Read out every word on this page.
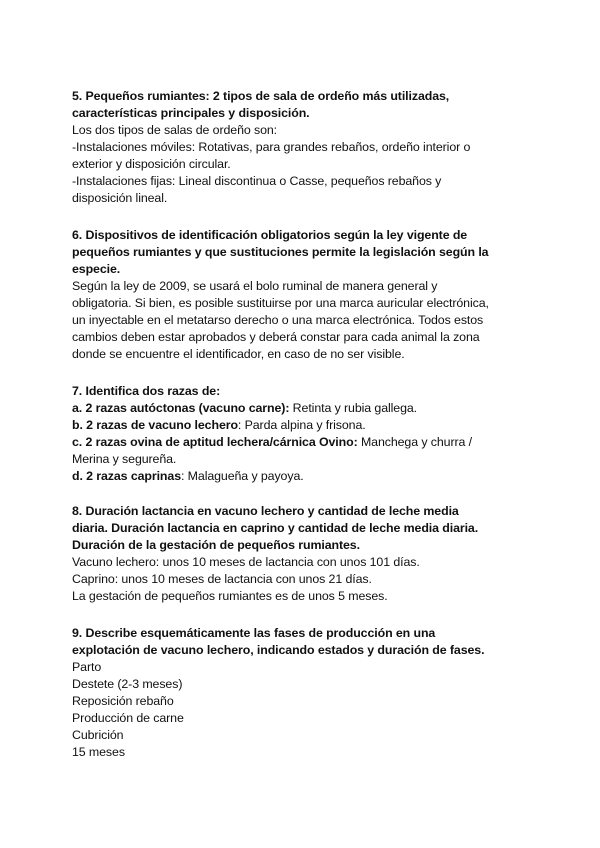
5. Pequeños rumiantes: 2 tipos de sala de ordeño más utilizadas,
características principales y disposición.
Los dos tipos de salas de ordeño son:
-Instalaciones móviles: Rotativas, para grandes rebaños, ordeño interior o
exterior y disposición circular.
-Instalaciones fijas: Lineal discontinua o Casse, pequeños rebaños y
disposición lineal.
6. Dispositivos de identificación obligatorios según la ley vigente de
pequeños rumiantes y que sustituciones permite la legislación según la
especie.
Según la ley de 2009, se usará el bolo ruminal de manera general y
obligatoria. Si bien, es posible sustituirse por una marca auricular electrónica,
un inyectable en el metatarso derecho o una marca electrónica. Todos estos
cambios deben estar aprobados y deberá constar para cada animal la zona
donde se encuentre el identificador, en caso de no ser visible.
7. Identifica dos razas de:
a. 2 razas autóctonas (vacuno carne): Retinta y rubia gallega.
b. 2 razas de vacuno lechero: Parda alpina y frisona.
c. 2 razas ovina de aptitud lechera/cárnica Ovino: Manchega y churra /
Merina y segureña.
d. 2 razas caprinas: Malagueña y payoya.
8. Duración lactancia en vacuno lechero y cantidad de leche media
diaria. Duración lactancia en caprino y cantidad de leche media diaria.
Duración de la gestación de pequeños rumiantes.
Vacuno lechero: unos 10 meses de lactancia con unos 101 días.
Caprino: unos 10 meses de lactancia con unos 21 días.
La gestación de pequeños rumiantes es de unos 5 meses.
9. Describe esquemáticamente las fases de producción en una
explotación de vacuno lechero, indicando estados y duración de fases.
Parto
Destete (2-3 meses)
Reposición rebaño
Producción de carne
Cubrición
15 meses
